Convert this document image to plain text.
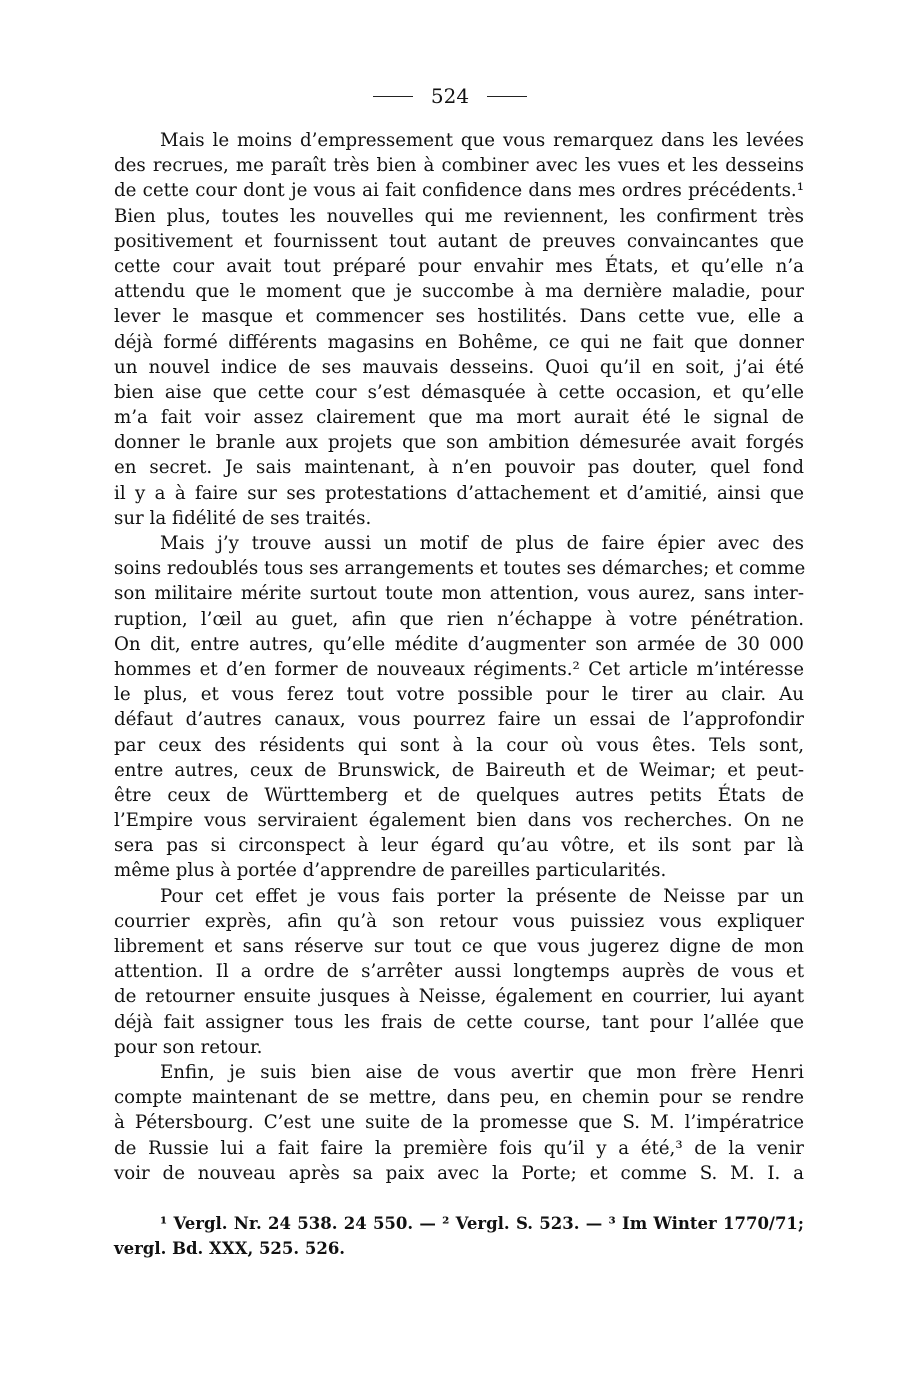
524
Mais le moins d’empressement que vous remarquez dans les levées
des recrues, me paraît très bien à combiner avec les vues et les desseins
de cette cour dont je vous ai fait confidence dans mes ordres précédents.¹
Bien plus, toutes les nouvelles qui me reviennent, les confirment très
positivement et fournissent tout autant de preuves convaincantes que
cette cour avait tout préparé pour envahir mes États, et qu’elle n’a
attendu que le moment que je succombe à ma dernière maladie, pour
lever le masque et commencer ses hostilités. Dans cette vue, elle a
déjà formé différents magasins en Bohême, ce qui ne fait que donner
un nouvel indice de ses mauvais desseins. Quoi qu’il en soit, j’ai été
bien aise que cette cour s’est démasquée à cette occasion, et qu’elle
m’a fait voir assez clairement que ma mort aurait été le signal de
donner le branle aux projets que son ambition démesurée avait forgés
en secret. Je sais maintenant, à n’en pouvoir pas douter, quel fond
il y a à faire sur ses protestations d’attachement et d’amitié, ainsi que
sur la fidélité de ses traités.
Mais j’y trouve aussi un motif de plus de faire épier avec des
soins redoublés tous ses arrangements et toutes ses démarches; et comme
son militaire mérite surtout toute mon attention, vous aurez, sans inter-
ruption, l’œil au guet, afin que rien n’échappe à votre pénétration.
On dit, entre autres, qu’elle médite d’augmenter son armée de 30 000
hommes et d’en former de nouveaux régiments.² Cet article m’intéresse
le plus, et vous ferez tout votre possible pour le tirer au clair. Au
défaut d’autres canaux, vous pourrez faire un essai de l’approfondir
par ceux des résidents qui sont à la cour où vous êtes. Tels sont,
entre autres, ceux de Brunswick, de Baireuth et de Weimar; et peut-
être ceux de Württemberg et de quelques autres petits États de
l’Empire vous serviraient également bien dans vos recherches. On ne
sera pas si circonspect à leur égard qu’au vôtre, et ils sont par là
même plus à portée d’apprendre de pareilles particularités.
Pour cet effet je vous fais porter la présente de Neisse par un
courrier exprès, afin qu’à son retour vous puissiez vous expliquer
librement et sans réserve sur tout ce que vous jugerez digne de mon
attention. Il a ordre de s’arrêter aussi longtemps auprès de vous et
de retourner ensuite jusques à Neisse, également en courrier, lui ayant
déjà fait assigner tous les frais de cette course, tant pour l’allée que
pour son retour.
Enfin, je suis bien aise de vous avertir que mon frère Henri
compte maintenant de se mettre, dans peu, en chemin pour se rendre
à Pétersbourg. C’est une suite de la promesse que S. M. l’impératrice
de Russie lui a fait faire la première fois qu’il y a été,³ de la venir
voir de nouveau après sa paix avec la Porte; et comme S. M. I. a
¹ Vergl. Nr. 24 538. 24 550. — ² Vergl. S. 523. — ³ Im Winter 1770/71;
vergl. Bd. XXX, 525. 526.
